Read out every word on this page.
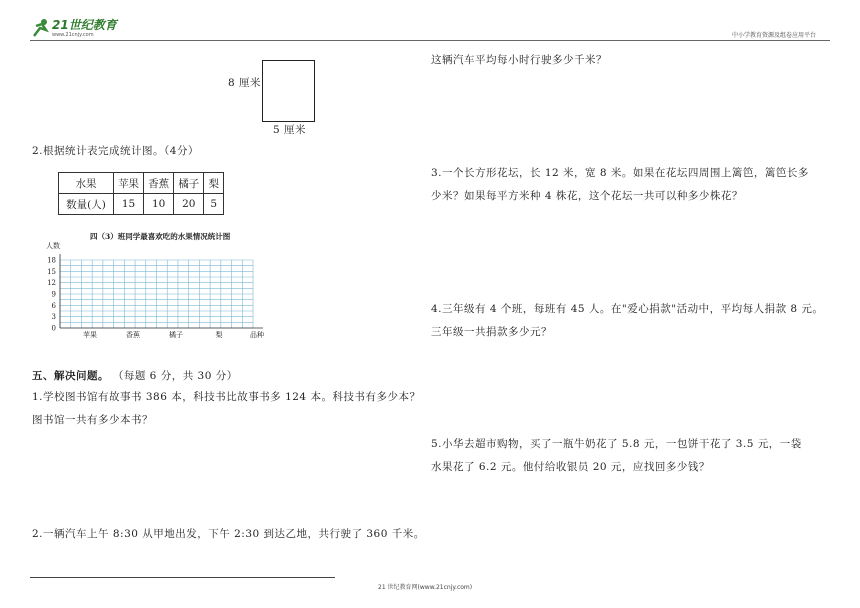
21世纪教育
www.21cnjy.com	中小学教育资源及组卷应用平台
8 厘米
5 厘米
2.根据统计表完成统计图。（4分）
水果	苹果	香蕉	橘子	梨
数量(人)	15	10	20	5
四（3）班同学最喜欢吃的水果情况统计图
人数
品种
0
3
6
9
12
15
18
苹果	香蕉	橘子	梨
五、解决问题。 （每题 6 分，共 30 分）
1.学校图书馆有故事书 386 本，科技书比故事书多 124 本。科技书有多少本？
图书馆一共有多少本书？
2.一辆汽车上午 8:30 从甲地出发，下午 2:30 到达乙地，共行驶了 360 千米。
这辆汽车平均每小时行驶多少千米？
3.一个长方形花坛，长 12 米，宽 8 米。如果在花坛四周围上篱笆，篱笆长多
少米？如果每平方米种 4 株花，这个花坛一共可以种多少株花？
4.三年级有 4 个班，每班有 45 人。在"爱心捐款"活动中，平均每人捐款 8 元。
三年级一共捐款多少元？
5.小华去超市购物，买了一瓶牛奶花了 5.8 元，一包饼干花了 3.5 元，一袋
水果花了 6.2 元。他付给收银员 20 元，应找回多少钱？
21 世纪教育网(www.21cnjy.com)
